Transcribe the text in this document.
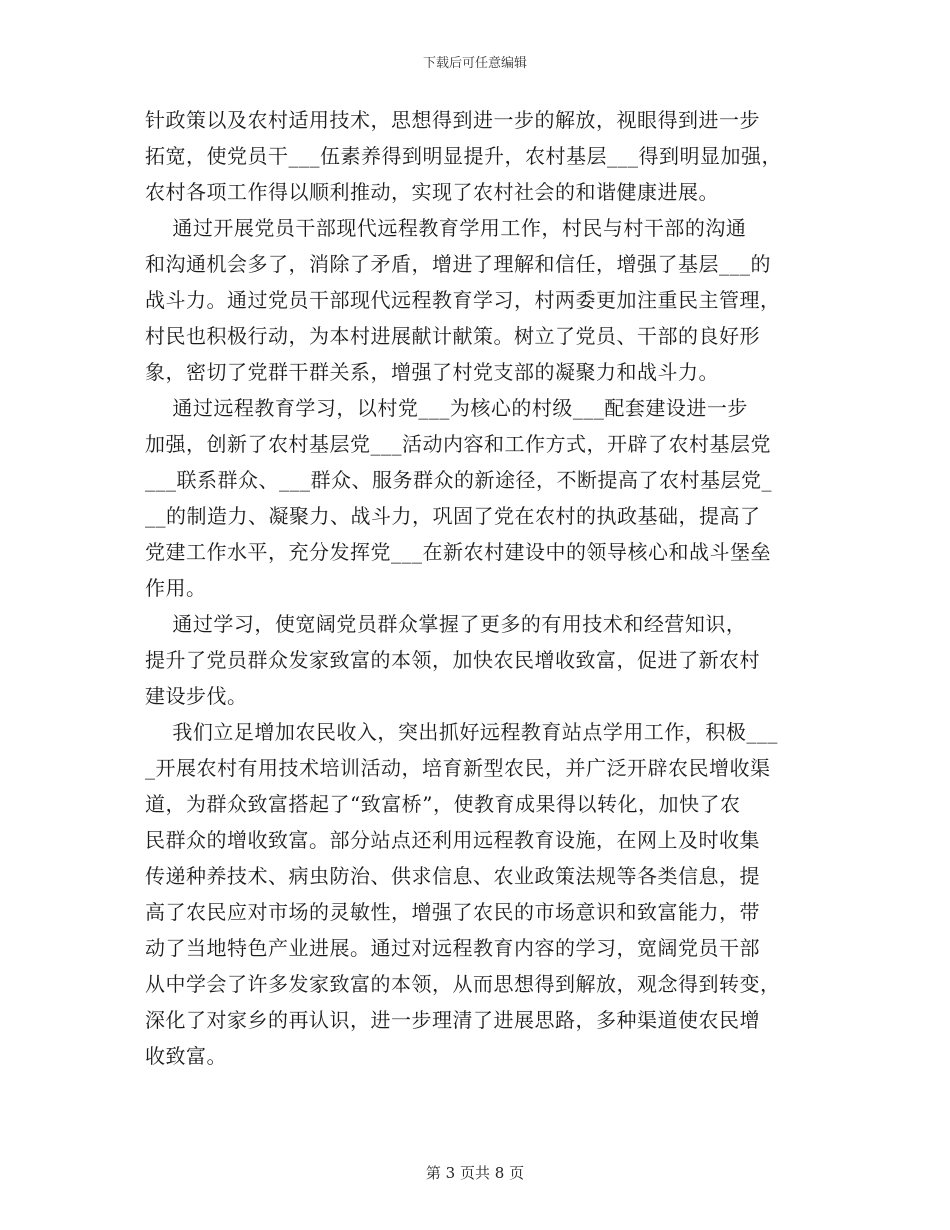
下载后可任意编辑
针政策以及农村适用技术，思想得到进一步的解放，视眼得到进一步
拓宽，使党员干___伍素养得到明显提升，农村基层___得到明显加强，
农村各项工作得以顺利推动，实现了农村社会的和谐健康进展。
通过开展党员干部现代远程教育学用工作，村民与村干部的沟通
和沟通机会多了，消除了矛盾，增进了理解和信任，增强了基层___的
战斗力。通过党员干部现代远程教育学习，村两委更加注重民主管理，
村民也积极行动，为本村进展献计献策。树立了党员、干部的良好形
象，密切了党群干群关系，增强了村党支部的凝聚力和战斗力。
通过远程教育学习，以村党___为核心的村级___配套建设进一步
加强，创新了农村基层党___活动内容和工作方式，开辟了农村基层党
___联系群众、___群众、服务群众的新途径，不断提高了农村基层党_
__的制造力、凝聚力、战斗力，巩固了党在农村的执政基础，提高了
党建工作水平，充分发挥党___在新农村建设中的领导核心和战斗堡垒
作用。
通过学习，使宽阔党员群众掌握了更多的有用技术和经营知识，
提升了党员群众发家致富的本领，加快农民增收致富，促进了新农村
建设步伐。
我们立足增加农民收入，突出抓好远程教育站点学用工作，积极___
_开展农村有用技术培训活动，培育新型农民，并广泛开辟农民增收渠
道，为群众致富搭起了“致富桥”，使教育成果得以转化，加快了农
民群众的增收致富。部分站点还利用远程教育设施，在网上及时收集
传递种养技术、病虫防治、供求信息、农业政策法规等各类信息，提
高了农民应对市场的灵敏性，增强了农民的市场意识和致富能力，带
动了当地特色产业进展。通过对远程教育内容的学习，宽阔党员干部
从中学会了许多发家致富的本领，从而思想得到解放，观念得到转变，
深化了对家乡的再认识，进一步理清了进展思路，多种渠道使农民增
收致富。
第 3 页共 8 页
